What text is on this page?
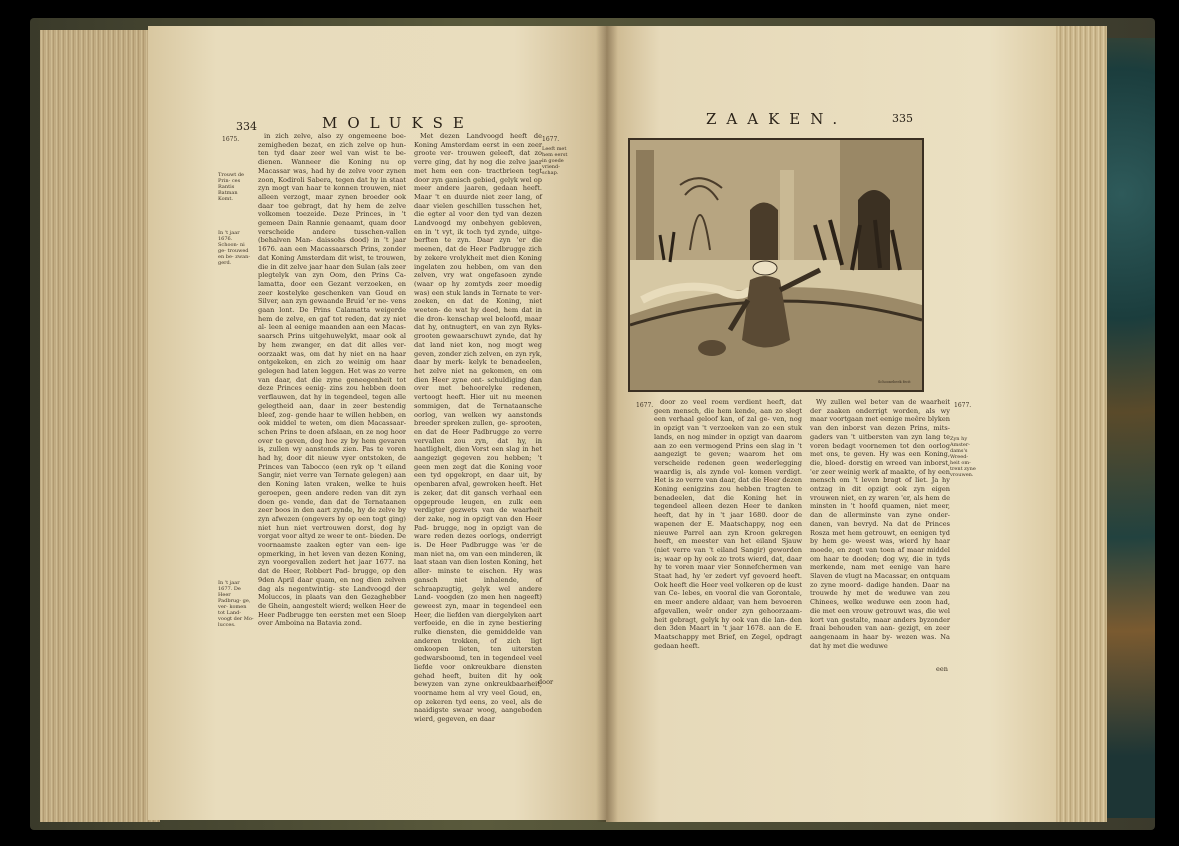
334	MOLUKSE
1675.
Trouwt de Prin- ces Rantis Batman Komt.
In 't jaar 1676. Schoon- ni ge- trouwed en be- zwan- gerd.
In 't jaar 1677. De Heer Padbrug- ge, ver- komen tot Land- voogt der Mo- lucces.

in zich zelve, also zy ongemeene boe- zemigheden bezat, en zich zelve op hun- ten tyd daar zeer wel van wist te be- dienen. Wanneer die Koning nu op Macassar was, had hy de zelve voor zynen zoon, Kodiroli Sabera, tegen dat hy in staat zyn mogt van haar te konnen trouwen, niet alleen verzogt, maar zynen broeder ook daar toe gebragt, dat hy hem de zelve volkomen toezeide. Deze Princes, in 't gemeen Dain Rannie genaamt, quam door verscheide andere tusschen-vallen (behalven Man- daissohs dood) in 't jaar 1676. aan een Macassaarsch Prins, zonder dat Koning Amsterdam dit wist, te trouwen, die in dit zelve jaar haar den Sulan (als zeer plegtelyk van zyn Oom, den Prins Ca- lamatta, door een Gezant verzoeken, en zeer kostelyke geschenken van Goud en Silver, aan zyn gewaande Bruid 'er ne- vens gaan lont. De Prins Calamatta weigerde hem de zelve, en gaf tot reden, dat zy niet al- leen al eenige maanden aan een Macas- saarsch Prins uitgehuwelykt, maar ook al by hem zwanger, en dat dit alles ver- oorzaakt was, om dat hy niet en na haar ontgekeken, en zich zo weinig om haar gelegen had laten leggen. Het was zo verre van daar, dat die zyne geneegenheit tot deze Princes eenig- zins zou hebben doen verflauwen, dat hy in tegendeel, tegen alle gelegtheid aan, daar in zeer bestendig bleef, zog- gende haar te willen hebben, en ook middel te weten, om dien Macassaar- schen Prins te doen afslaan, en ze nog hoor over te geven, dog hoe zy by hem gevaren is, zullen wy aanstonds zien. Pas te voren had hy, door dit nieuw vyer ontstoken, de Princes van Tabocco (een ryk op 't eiland Sangir, niet verre van Ternate gelegen) aan den Koning laten vraken, welke te huis geroepen, geen andere reden van dit zyn doen ge- vende, dan dat de Ternataanen zeer boos in den aart zynde, hy de zelve by zyn afwezen (ongevers by op een togt ging) niet hun niet vertrouwen dorst, dog hy vorgat voor altyd ze weer te ont- bieden. De voornaamste zaaken egter van een- ige opmerking, in het leven van dezen Koning, zyn voorgevallen zedert het jaar 1677. na dat de Heer, Robbert Pad- brugge, op den 9den April daar quam, en nog dien zelven dag als negentwintig- ste Landvoogd der Moluccos, in plaats van den Gezaghebber de Ghein, aangestelt wierd; welken Heer de Heer Padbrugge ten eersten met een Sloep over Amboina na Batavia zond.

Met dezen Landvoogd heeft de Koning Amsterdam eerst in een zeer groote ver- trouwen geleeft, dat zo verre ging, dat hy nog die zelve jaar met hem een con- tractbrieen tegt door zyn ganisch gebied, gelyk wel op meer andere jaaren, gedaan heeft. Maar 't en duurde niet zeer lang, of daar vielen geschillen tusschen het, die egter al voor den tyd van dezen Landvoogd my onbehyen gebleven, en in 't vyt, ik toch tyd zynde, uitge- berften te zyn. Daar zyn 'er die meenen, dat de Heer Padbrugge zich by zekere vrolykheit met dien Koning ingelaten zou hebben, om van den zelven, vry wat ongefasoen zynde (waar op hy zomtyds zeer moedig was) een stuk lands in Ternate te ver- zoeken, en dat de Koning, niet weeten- de wat hy deed, hem dat in die dron- kenschap wel beloofd, maar dat hy, ontnugtert, en van zyn Ryks-grooten gewaarschuwt zynde, dat hy dat land niet kon, nog mogt weg geven, zonder zich zelven, en zyn ryk, daar by merk- kelyk te benadeelen, het zelve niet na gekomen, en om dien Heer zyne ont- schuldiging dan over met behoorelyke redenen, vertoogt heeft. Hier uit nu meenen sommigen, dat de Ternataansche oorlog, van welken wy aanstonds breeder spreken zullen, ge- sprooten, en dat de Heer Padbrugge zo verre vervallen zou zyn, dat hy, in haatlighelt, dien Vorst een slag in het aangezigt gegeven zou hebben; 't geen men zegt dat die Koning voor een tyd opgekropt, en daar uit, by openbaren afval, gewroken heeft. Het is zeker, dat dit gansch verhaal een opgeproude leugen, en zulk een verdigter gezwets van de waarheit der zake, nog in opzigt van den Heer Pad- brugge, nog in opzigt van de ware reden dezes oorlogs, onderrigt is. De Heer Padbrugge was 'er de man niet na, om van een minderen, ik laat staan van dien losten Koning, het aller- minste te eischen. Hy was gansch niet inhalende, of schraapzugtig, gelyk wel andere Land- voogden (zo men hen nageeft) geweest zyn, maar in tegendeel een Heer, die liefden van diergelyken aart verfoeide, en die in zyne bestiering rulke diensten, die gemiddelde van anderen trokken, of zich ligt omkoopen lieten, ten uitersten gedwarsboomd, ten in tegendeel veel liefde voor onkreukbare diensten gehad heeft, buiten dit hy ook bewyzen van zyne onkreukbaarheit, voorname hem al vry veel Goud, en, op zekeren tyd eens, zo veel, als de naaidigste swaar woog, aangeboden wierd, gegeven, en daar

1677.
Leeft met hem eerst in goede vriend- schap.
door
ZAAKEN.	335
Schoonebeek fecit
1677.	door zo veel roem verdient heeft, dat geen mensch, die hem kende, aan zo slegt een verhaal geloof kan, of zal ge- ven, nog in opzigt van 't verzoeken van zo een stuk lands, en nog minder in opzigt van daarom aan zo een vermogend Prins een slag in 't aangezigt te geven; waarom het om verscheide redenen geen wederlegging waardig is, als zynde vol- komen verdigt. Het is zo verre van daar, dat die Heer dezen Koning eenigzins zou hebben tragten te benadeelen, dat die Koning het in tegendeel alleen dezen Heer te danken heeft, dat hy in 't jaar 1680. door de wapenen der E. Maatschappy, nog een nieuwe Parrel aan zyn Kroon gekregen heeft, en meester van het eiland Sjauw (niet verre van 't eiland Sangir) geworden is; waar op hy ook zo trots wierd, dat, daar hy te voren maar vier Sonnefchermen van Staat had, hy 'er zedert vyf gevoerd heeft. Ook heeft die Heer veel volkeren op de kust van Ce- lebes, en vooral die van Gorontale, en meer andere aldaar, van hem bevoeren afgevallen, weêr onder zyn gehoorzaam- heit gebragt, gelyk hy ook van die lan- den den 3den Maart in 't jaar 1678. aan de E. Maatschappy met Brief, en Zegel, opdragt gedaan heeft.

Wy zullen wel beter van de waarheit der zaaken onderrigt worden, als wy maar voortgaan met eenige meêre blyken van den inborst van dezen Prins, mits- gaders van 't uitbersten van zyn lang te voren bedagt voornemen tot den oorlog met ons, te geven. Hy was een Koning, die, bloed- dorstig en wreed van inborst, 'er zeer weinig werk af maakte, of hy een mensch om 't leven bragt of liet. Ja hy ontzag in dit opzigt ook zyn eigen vrouwen niet, en zy waren 'er, als hem de minsten in 't hoofd quamen, niet meer, dan de allerminste van zyne onder- danen, van bevryd. Na dat de Princes Rosza met hem getrouwt, en eenigen tyd by hem ge- weest was, wierd hy haar moede, en zogt van toen af maar middel om haar te dooden; dog wy, die in tyds merkende, nam met eenige van hare Slaven de vlugt na Macassar, en ontquam zo zyne moord- dadige handen. Daar na trouwde hy met de weduwe van zeu Chinees, welke weduwe een zoon had, die met een vrouw getrouwt was, die wel kort van gestalte, maar anders byzonder fraai behouden van aan- gezigt, en zeer aangenaam in haar by- wezen was. Na dat hy met die weduwe

1677.
Zyn hy Amster- dams's Wreed- heit om- trent zyne vrouwen.
een
